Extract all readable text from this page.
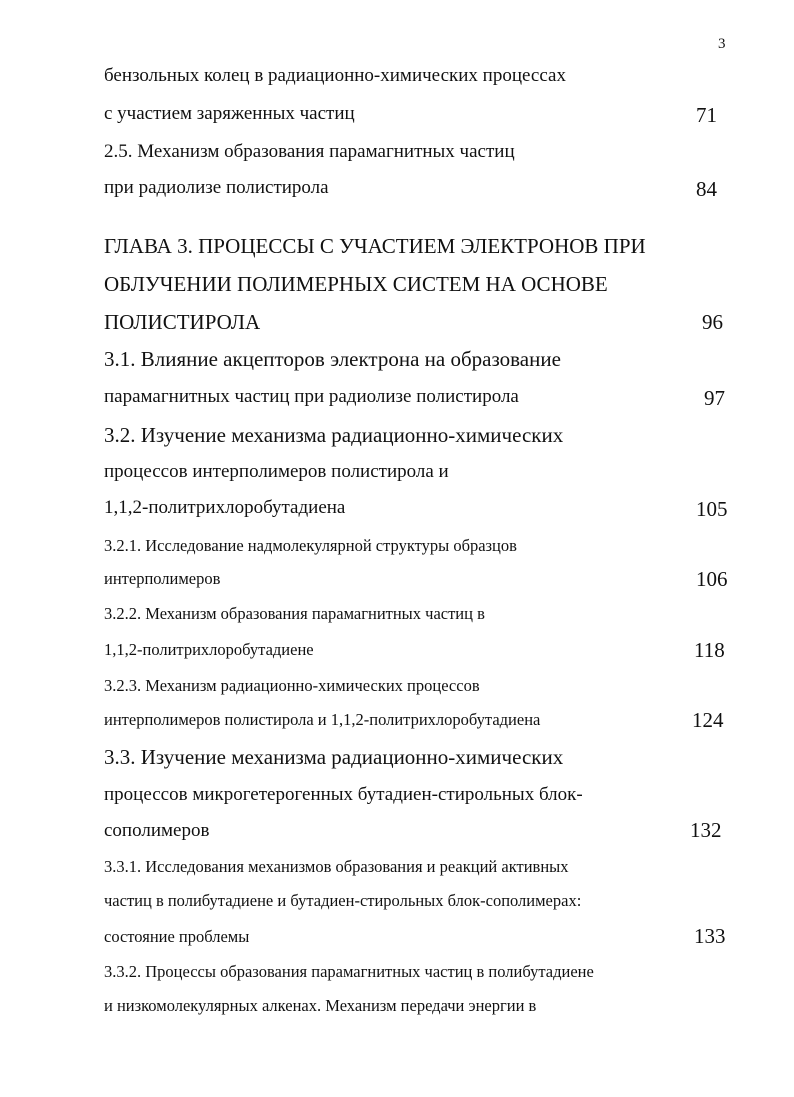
3
бензольных колец в радиационно-химических процессах
с участием заряженных частиц	71
2.5. Механизм образования парамагнитных частиц
при радиолизе полистирола	84
ГЛАВА 3. ПРОЦЕССЫ С УЧАСТИЕМ ЭЛЕКТРОНОВ ПРИ
ОБЛУЧЕНИИ ПОЛИМЕРНЫХ СИСТЕМ НА ОСНОВЕ
ПОЛИСТИРОЛА	96
3.1. Влияние акцепторов электрона на образование
парамагнитных частиц при радиолизе полистирола	97
3.2. Изучение механизма радиационно-химических
процессов интерполимеров полистирола и
1,1,2-политрихлоробутадиена	105
3.2.1. Исследование надмолекулярной структуры образцов
интерполимеров	106
3.2.2. Механизм образования парамагнитных частиц в
1,1,2-политрихлоробутадиене	118
3.2.3. Механизм радиационно-химических процессов
интерполимеров полистирола и 1,1,2-политрихлоробутадиена	124
3.3. Изучение механизма радиационно-химических
процессов микрогетерогенных бутадиен-стирольных блок-
сополимеров	132
3.3.1. Исследования механизмов образования и реакций активных
частиц в полибутадиене и бутадиен-стирольных блок-сополимерах:
состояние проблемы	133
3.3.2. Процессы образования парамагнитных частиц в полибутадиене
и низкомолекулярных алкенах. Механизм передачи энергии в
